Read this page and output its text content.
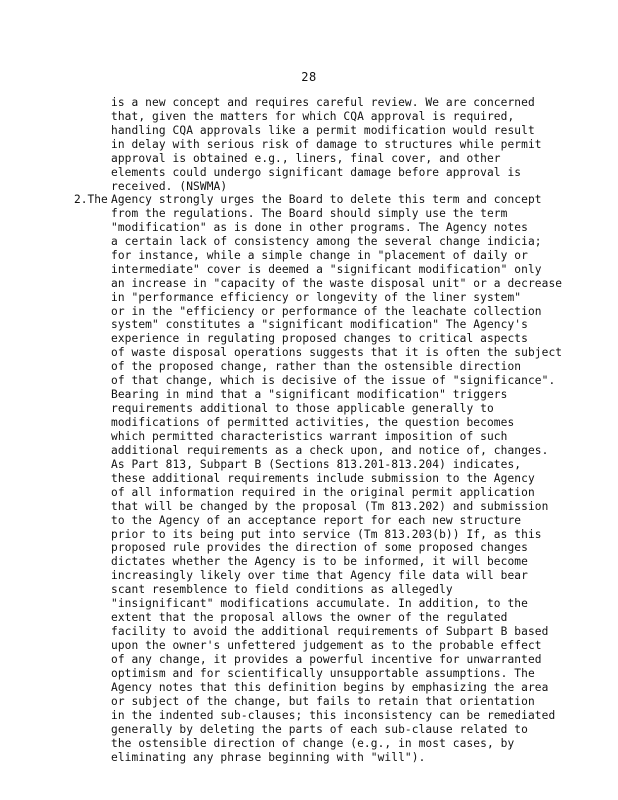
28
is a new concept and requires careful review. We are concerned
that, given the matters for which CQA approval is required,
handling CQA approvals like a permit modification would result
in delay with serious risk of damage to structures while permit
approval is obtained e.g., liners, final cover, and other
elements could undergo significant damage before approval is
received. (NSWMA)
2.The Agency strongly urges the Board to delete this term and concept
from the regulations. The Board should simply use the term
"modification" as is done in other programs. The Agency notes
a certain lack of consistency among the several change indicia;
for instance, while a simple change in "placement of daily or
intermediate" cover is deemed a "significant modification" only
an increase in "capacity of the waste disposal unit" or a decrease
in "performance efficiency or longevity of the liner system"
or in the "efficiency or performance of the leachate collection
system" constitutes a "significant modification" The Agency's
experience in regulating proposed changes to critical aspects
of waste disposal operations suggests that it is often the subject
of the proposed change, rather than the ostensible direction
of that change, which is decisive of the issue of "significance".
Bearing in mind that a "significant modification" triggers
requirements additional to those applicable generally to
modifications of permitted activities, the question becomes
which permitted characteristics warrant imposition of such
additional requirements as a check upon, and notice of, changes.
As Part 813, Subpart B (Sections 813.201-813.204) indicates,
these additional requirements include submission to the Agency
of all information required in the original permit application
that will be changed by the proposal (Tm 813.202) and submission
to the Agency of an acceptance report for each new structure
prior to its being put into service (Tm 813.203(b)) If, as this
proposed rule provides the direction of some proposed changes
dictates whether the Agency is to be informed, it will become
increasingly likely over time that Agency file data will bear
scant resemblence to field conditions as allegedly
"insignificant" modifications accumulate. In addition, to the
extent that the proposal allows the owner of the regulated
facility to avoid the additional requirements of Subpart B based
upon the owner's unfettered judgement as to the probable effect
of any change, it provides a powerful incentive for unwarranted
optimism and for scientifically unsupportable assumptions. The
Agency notes that this definition begins by emphasizing the area
or subject of the change, but fails to retain that orientation
in the indented sub-clauses; this inconsistency can be remediated
generally by deleting the parts of each sub-clause related to
the ostensible direction of change (e.g., in most cases, by
eliminating any phrase beginning with "will").
